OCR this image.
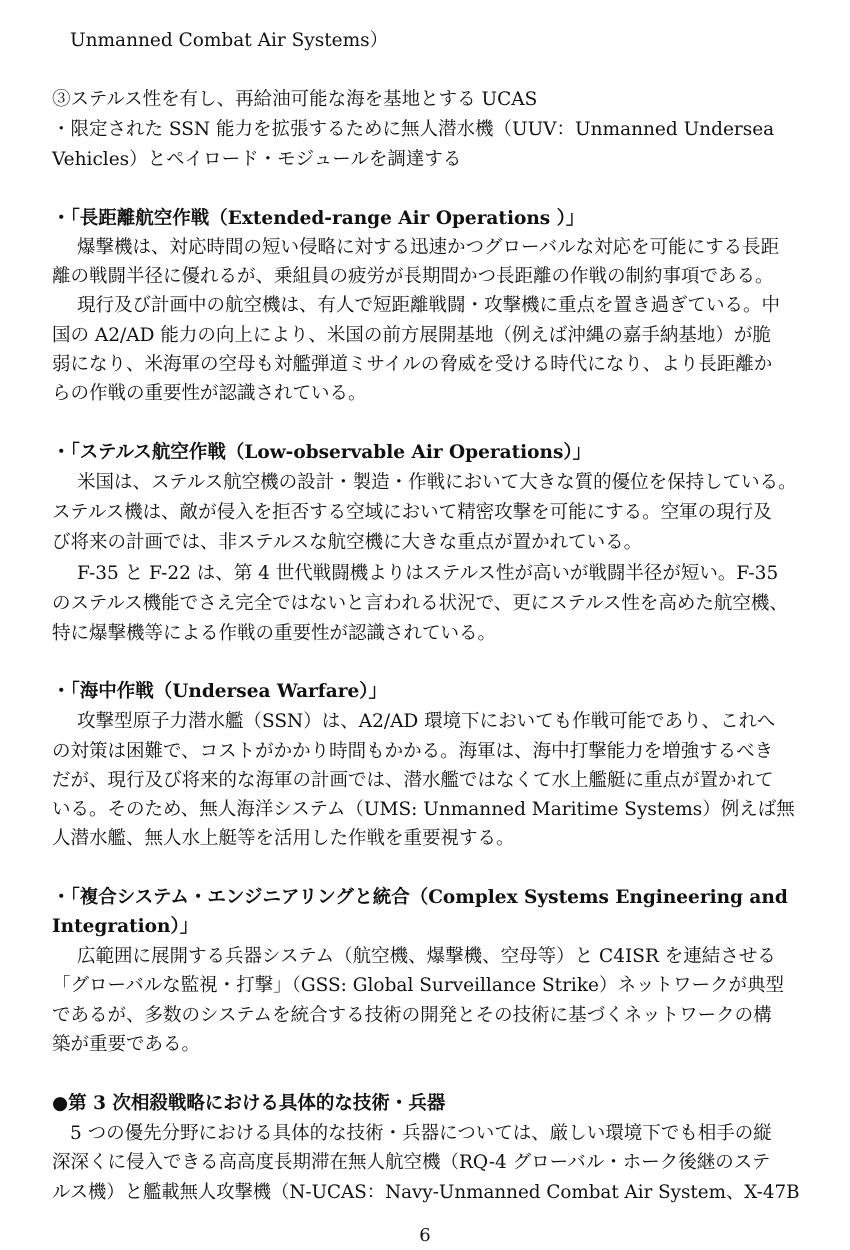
Unmanned Combat Air Systems）
③ステルス性を有し、再給油可能な海を基地とする UCAS
・限定された SSN 能力を拡張するために無人潜水機（UUV：Unmanned Undersea
Vehicles）とペイロード・モジュールを調達する
・「長距離航空作戦（Extended-range Air Operations ）」
爆撃機は、対応時間の短い侵略に対する迅速かつグローバルな対応を可能にする長距
離の戦闘半径に優れるが、乗組員の疲労が長期間かつ長距離の作戦の制約事項である。
現行及び計画中の航空機は、有人で短距離戦闘・攻撃機に重点を置き過ぎている。中
国の A2/AD 能力の向上により、米国の前方展開基地（例えば沖縄の嘉手納基地）が脆
弱になり、米海軍の空母も対艦弾道ミサイルの脅威を受ける時代になり、より長距離か
らの作戦の重要性が認識されている。
・「ステルス航空作戦（Low-observable Air Operations）」
米国は、ステルス航空機の設計・製造・作戦において大きな質的優位を保持している。
ステルス機は、敵が侵入を拒否する空域において精密攻撃を可能にする。空軍の現行及
び将来の計画では、非ステルスな航空機に大きな重点が置かれている。
F-35 と F-22 は、第 4 世代戦闘機よりはステルス性が高いが戦闘半径が短い。F-35
のステルス機能でさえ完全ではないと言われる状況で、更にステルス性を高めた航空機、
特に爆撃機等による作戦の重要性が認識されている。
・「海中作戦（Undersea Warfare）」
攻撃型原子力潜水艦（SSN）は、A2/AD 環境下においても作戦可能であり、これへ
の対策は困難で、コストがかかり時間もかかる。海軍は、海中打撃能力を増強するべき
だが、現行及び将来的な海軍の計画では、潜水艦ではなくて水上艦艇に重点が置かれて
いる。そのため、無人海洋システム（UMS: Unmanned Maritime Systems）例えば無
人潜水艦、無人水上艇等を活用した作戦を重要視する。
・「複合システム・エンジニアリングと統合（Complex Systems Engineering and
Integration）」
広範囲に展開する兵器システム（航空機、爆撃機、空母等）と C4ISR を連結させる
「グローバルな監視・打撃」（GSS: Global Surveillance Strike）ネットワークが典型
であるが、多数のシステムを統合する技術の開発とその技術に基づくネットワークの構
築が重要である。
●第 3 次相殺戦略における具体的な技術・兵器
5 つの優先分野における具体的な技術・兵器については、厳しい環境下でも相手の縦
深深くに侵入できる高高度長期滞在無人航空機（RQ-4 グローバル・ホーク後継のステ
ルス機）と艦載無人攻撃機（N-UCAS：Navy-Unmanned Combat Air System、X-47B
6
